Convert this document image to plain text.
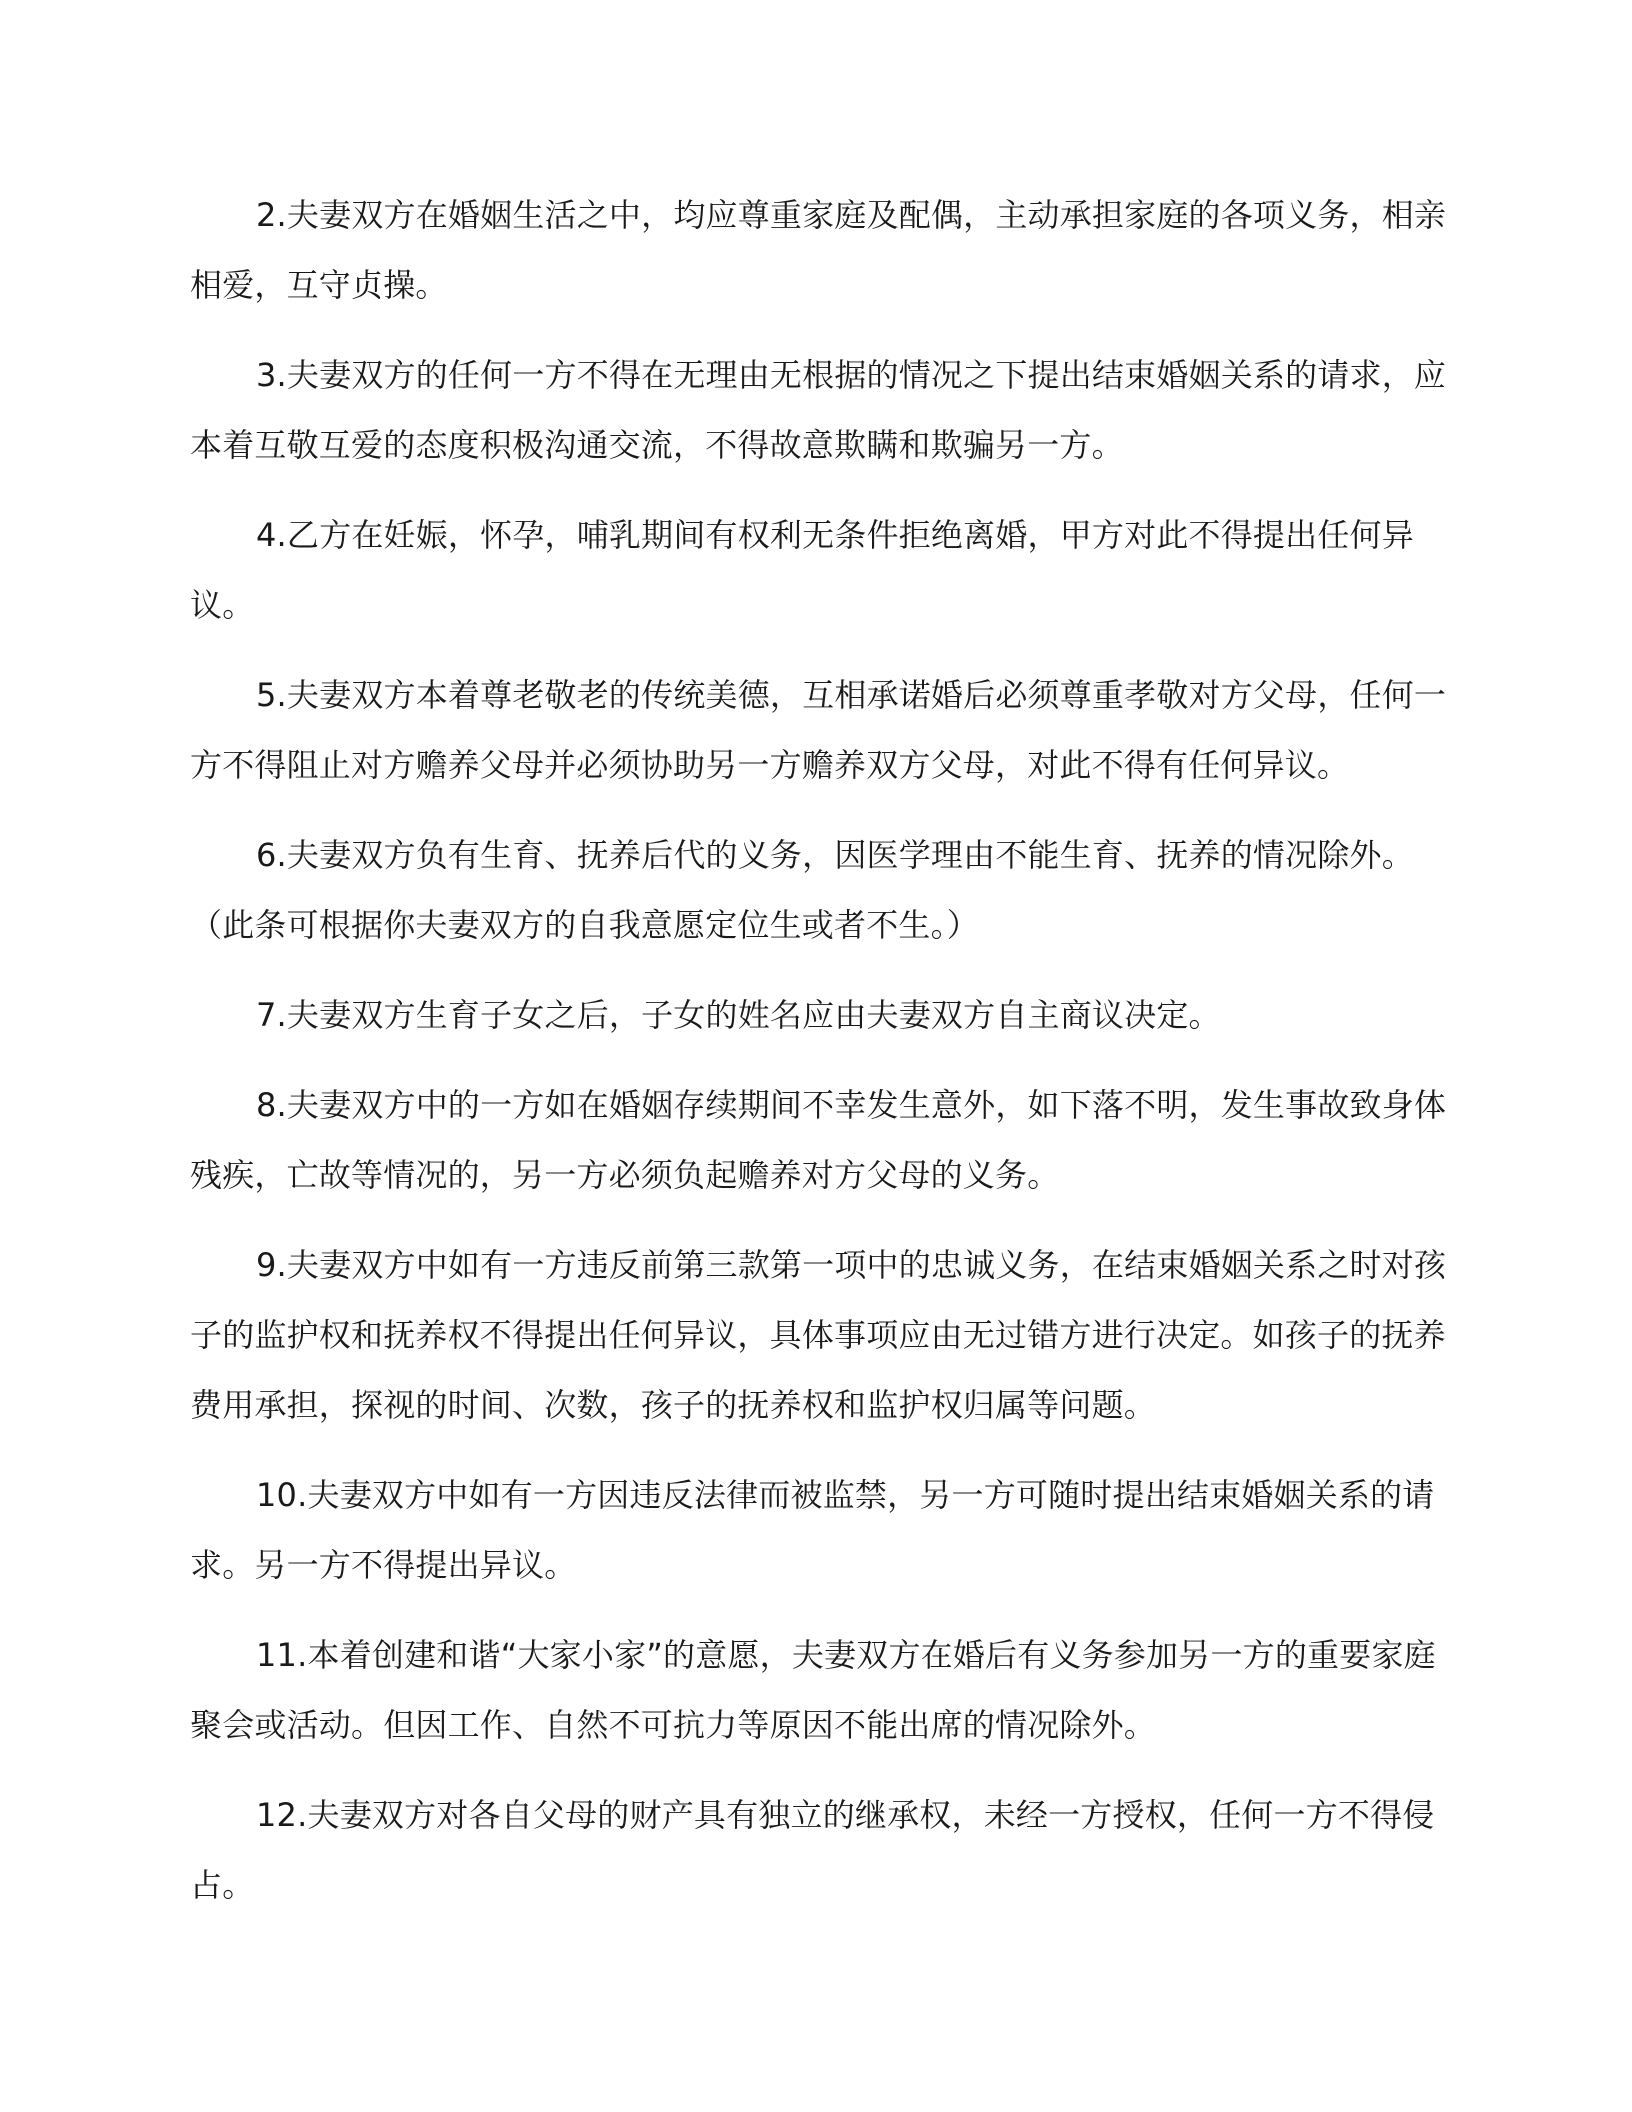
2.夫妻双方在婚姻生活之中，均应尊重家庭及配偶，主动承担家庭的各项义务，相亲相爱，互守贞操。

3.夫妻双方的任何一方不得在无理由无根据的情况之下提出结束婚姻关系的请求，应本着互敬互爱的态度积极沟通交流，不得故意欺瞒和欺骗另一方。

4.乙方在妊娠，怀孕，哺乳期间有权利无条件拒绝离婚，甲方对此不得提出任何异议。

5.夫妻双方本着尊老敬老的传统美德，互相承诺婚后必须尊重孝敬对方父母，任何一方不得阻止对方赡养父母并必须协助另一方赡养双方父母，对此不得有任何异议。

6.夫妻双方负有生育、抚养后代的义务，因医学理由不能生育、抚养的情况除外。（此条可根据你夫妻双方的自我意愿定位生或者不生。）

7.夫妻双方生育子女之后，子女的姓名应由夫妻双方自主商议决定。

8.夫妻双方中的一方如在婚姻存续期间不幸发生意外，如下落不明，发生事故致身体残疾，亡故等情况的，另一方必须负起赡养对方父母的义务。

9.夫妻双方中如有一方违反前第三款第一项中的忠诚义务，在结束婚姻关系之时对孩子的监护权和抚养权不得提出任何异议，具体事项应由无过错方进行决定。如孩子的抚养费用承担，探视的时间、次数，孩子的抚养权和监护权归属等问题。

10.夫妻双方中如有一方因违反法律而被监禁，另一方可随时提出结束婚姻关系的请求。另一方不得提出异议。

11.本着创建和谐“大家小家”的意愿，夫妻双方在婚后有义务参加另一方的重要家庭聚会或活动。但因工作、自然不可抗力等原因不能出席的情况除外。

12.夫妻双方对各自父母的财产具有独立的继承权，未经一方授权，任何一方不得侵占。
